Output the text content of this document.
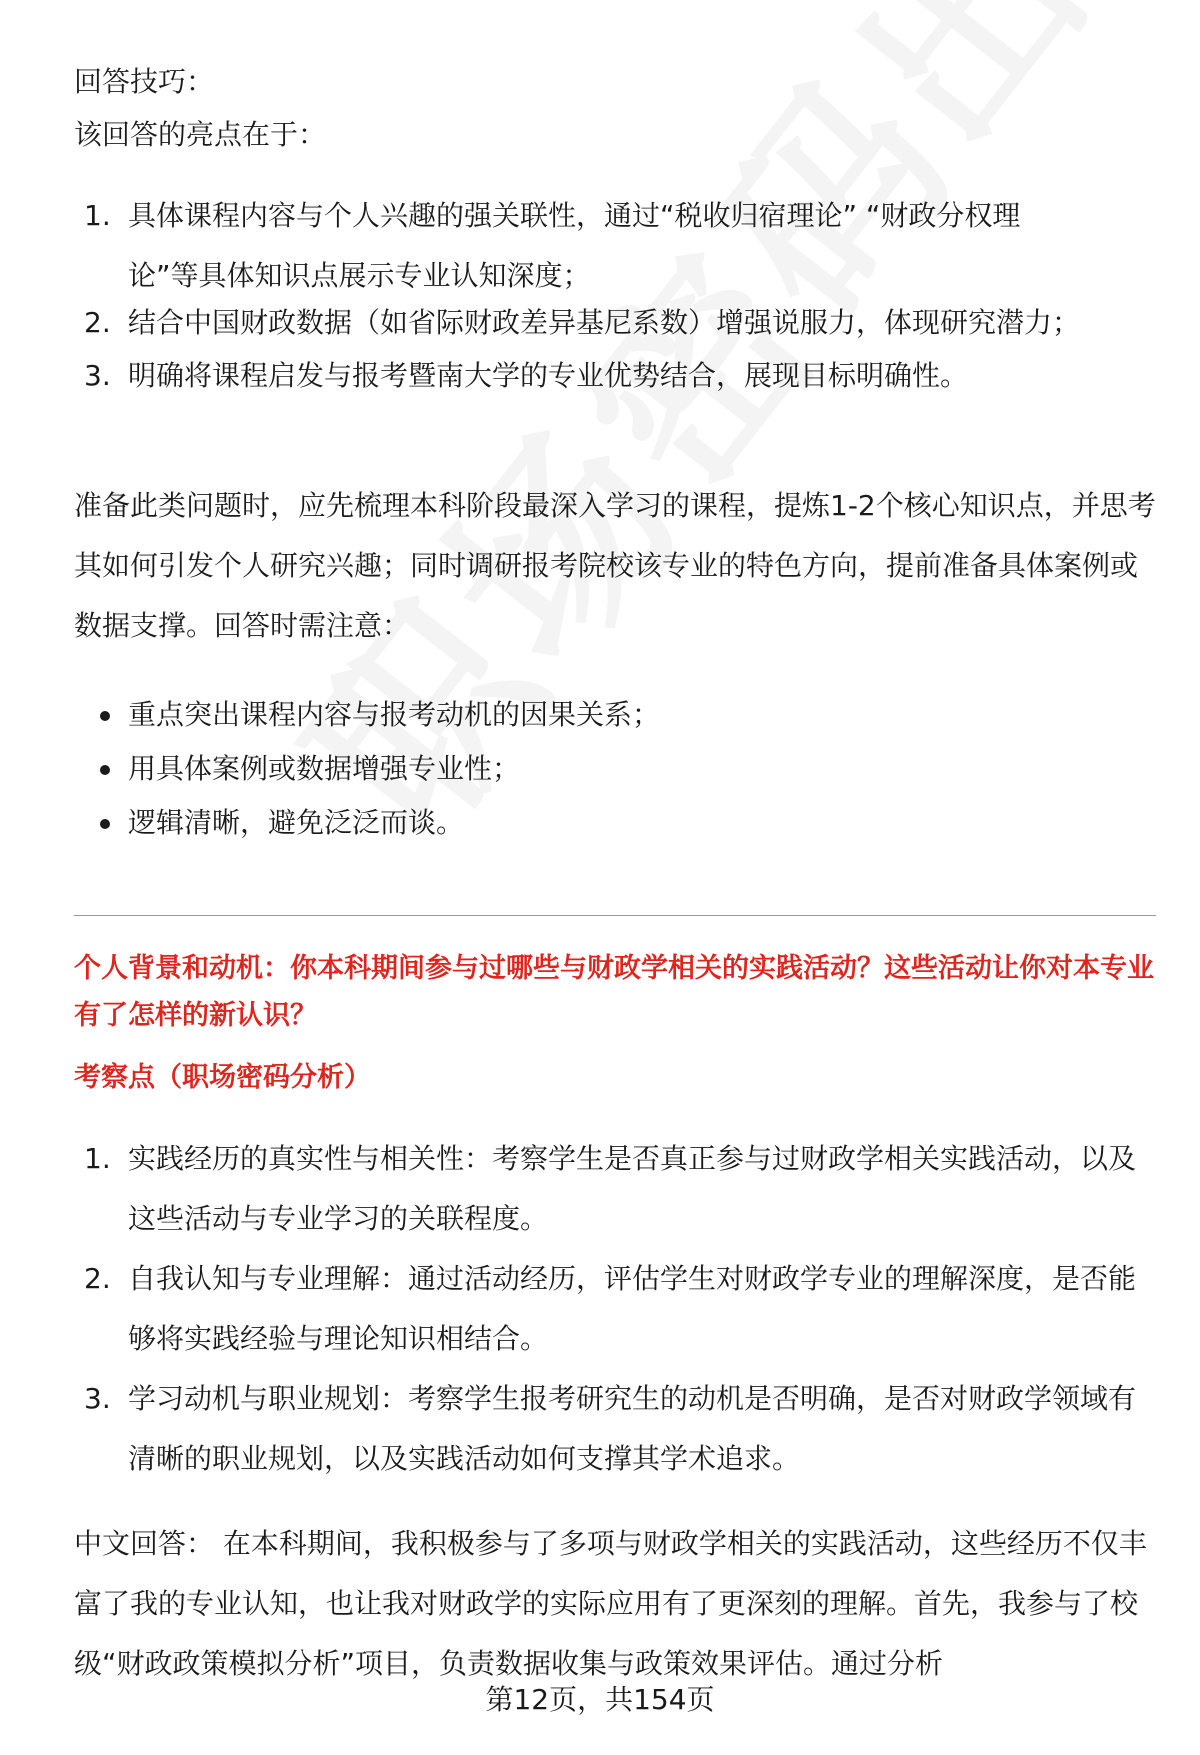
回答技巧：
该回答的亮点在于：
1. 具体课程内容与个人兴趣的强关联性，通过“税收归宿理论” “财政分权理论”等具体知识点展示专业认知深度；
2. 结合中国财政数据（如省际财政差异基尼系数）增强说服力，体现研究潜力；
3. 明确将课程启发与报考暨南大学的专业优势结合，展现目标明确性。
准备此类问题时，应先梳理本科阶段最深入学习的课程，提炼1-2个核心知识点，并思考其如何引发个人研究兴趣；同时调研报考院校该专业的特色方向，提前准备具体案例或数据支撑。回答时需注意：
重点突出课程内容与报考动机的因果关系；
用具体案例或数据增强专业性；
逻辑清晰，避免泛泛而谈。
个人背景和动机：你本科期间参与过哪些与财政学相关的实践活动？这些活动让你对本专业有了怎样的新认识？
考察点（职场密码分析）
1. 实践经历的真实性与相关性：考察学生是否真正参与过财政学相关实践活动，以及这些活动与专业学习的关联程度。
2. 自我认知与专业理解：通过活动经历，评估学生对财政学专业的理解深度，是否能够将实践经验与理论知识相结合。
3. 学习动机与职业规划：考察学生报考研究生的动机是否明确，是否对财政学领域有清晰的职业规划，以及实践活动如何支撑其学术追求。
中文回答： 在本科期间，我积极参与了多项与财政学相关的实践活动，这些经历不仅丰富了我的专业认知，也让我对财政学的实际应用有了更深刻的理解。首先，我参与了校级“财政政策模拟分析”项目，负责数据收集与政策效果评估。通过分析
第12页，共154页
